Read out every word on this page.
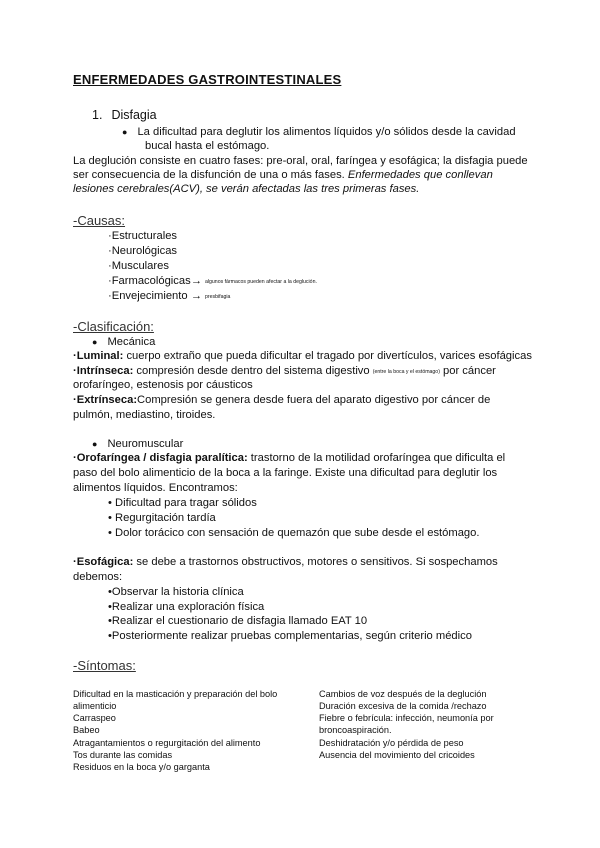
ENFERMEDADES GASTROINTESTINALES
1. Disfagia
● La dificultad para deglutir los alimentos líquidos y/o sólidos desde la cavidad
bucal hasta el estómago.
La deglución consiste en cuatro fases: pre-oral, oral, faríngea y esofágica; la disfagia puede
ser consecuencia de la disfunción de una o más fases. Enfermedades que conllevan
lesiones cerebrales(ACV), se verán afectadas las tres primeras fases.
-Causas:
·Estructurales
·Neurológicas
·Musculares
·Farmacológicas→ algunos fármacos pueden afectar a la deglución.
·Envejecimiento → presbifagia
-Clasificación:
● Mecánica
·Luminal: cuerpo extraño que pueda dificultar el tragado por divertículos, varices esofágicas
·Intrínseca: compresión desde dentro del sistema digestivo (entre la boca y el estómago) por cáncer
orofaríngeo, estenosis por cáusticos
·Extrínseca:Compresión se genera desde fuera del aparato digestivo por cáncer de
pulmón, mediastino, tiroides.
● Neuromuscular
·Orofaríngea / disfagia paralítica: trastorno de la motilidad orofaríngea que dificulta el
paso del bolo alimenticio de la boca a la faringe. Existe una dificultad para deglutir los
alimentos líquidos. Encontramos:
• Dificultad para tragar sólidos
• Regurgitación tardía
• Dolor torácico con sensación de quemazón que sube desde el estómago.
·Esofágica: se debe a trastornos obstructivos, motores o sensitivos. Si sospechamos
debemos:
•Observar la historia clínica
•Realizar una exploración física
•Realizar el cuestionario de disfagia llamado EAT 10
•Posteriormente realizar pruebas complementarias, según criterio médico
-Síntomas:
Dificultad en la masticación y preparación del bolo
alimenticio
Carraspeo
Babeo
Atragantamientos o regurgitación del alimento
Tos durante las comidas
Residuos en la boca y/o garganta
Cambios de voz después de la deglución
Duración excesiva de la comida /rechazo
Fiebre o febrícula: infección, neumonía por
broncoaspiración.
Deshidratación y/o pérdida de peso
Ausencia del movimiento del cricoides
